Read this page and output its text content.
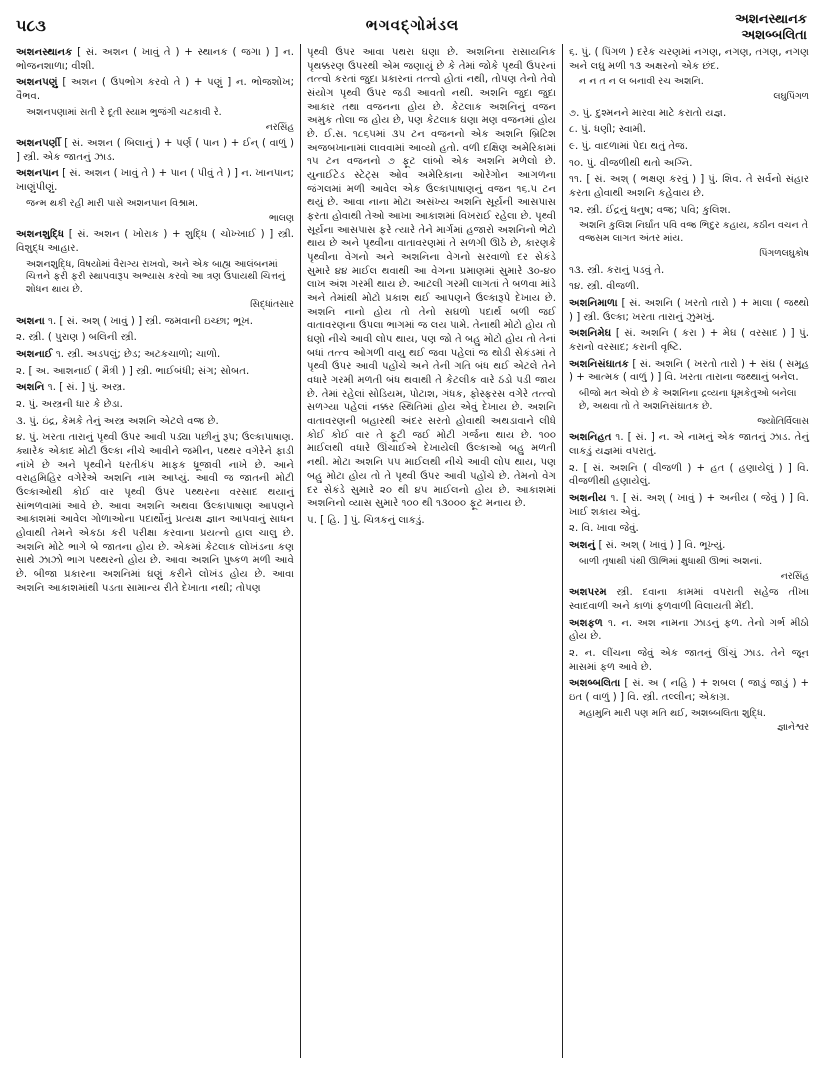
૫૮૩	ભગવદ્ગોમંડલ	અશનસ્થાનક
અશબ્બલિતા
અશનસ્થાનક [ સં. અશન ( ખાવું તે ) + સ્થાનક ( જગા ) ] ન. ભોજનશાળા; વીશી.
અશનપણું [ અશન ( ઉપભોગ કરવો તે ) + પણું ] ન. ભોજશોખ; વૈભવ.
અશનપણામાં સતી રે દૂતી સ્યામ ભુજંગી ચટકાવી રે.
નરસિંહ
અશનપર્ણી [ સં. અશન ( બિલાનું ) + પર્ણ ( પાન ) + ઈન્ ( વાળું ) ] સ્ત્રી. એક જાતનું ઝાડ.
અશનપાન [ સં. અશન ( ખાવું તે ) + પાન ( પીવું તે ) ] ન. ખાનપાન; ખાણુંપીણું.
જન્મ થકી રહી મારી પાસે અશનપાન વિશ્રામ.
ભાલણ
અશનશુદ્ધિ [ સં. અશન ( ખોરાક ) + શુદ્ધિ ( ચોખ્ખાઈ ) ] સ્ત્રી. વિશુદ્ધ આહાર.
અશનશુદ્ધિ, વિષયોમાં વૈરાગ્ય રાખવો, અને એક બાહ્ય આલંબનમાં ચિત્તને ફરી ફરી સ્થાપવારૂપ અભ્યાસ કરવો આ ત્રણ ઉપાયથી ચિત્તનું શોધન થાય છે.
સિદ્ધાંતસાર
અશના ૧. [ સં. અશ્ ( ખાવું ) ] સ્ત્રી. જમવાની ઇચ્છા; ભૂખ.
૨. સ્ત્રી. ( પુરાણ ) બલિની સ્ત્રી.
અશનાઈ ૧. સ્ત્રી. અડપલું; છેડ; અટકચાળો; ચાળો.
૨. [ અ. આશનાઈ ( મૈત્રી ) ] સ્ત્રી. ભાઈબંધી; સંગ; સોબત.
અશનિ ૧. [ સં. ] પું. અસ્ત્ર.
૨. પું. અસ્ત્રની ધાર કે છેડા.
૩. પું. ઇંદ્ર, કેમકે તેનું અસ્ત્ર અશનિ એટલે વજ્ર છે.
૪. પું. ખરતા તારાનું પૃથ્વી ઉપર આવી પડ્યા પછીનું રૂપ; ઉલ્કાપાષાણ. ક્યારેક એકાદ મોટી ઉલ્કા નીચે આવીને જમીન, પથ્થર વગેરેને ફાડી નાંખે છે અને પૃથ્વીને ધરતીકંપ માફક ધ્રૂજાવી નાખે છે. આને વરાહમિહિર વગેરેએ અશનિ નામ આપ્યું. આવી જ જાતની મોટી ઉલ્કાઓથી કોઈ વાર પૃથ્વી ઉપર પથ્થરના વરસાદ થયાનું સાંભળવામાં આવે છે. આવા અશનિ અથવા ઉલ્કાપાષાણ આપણને આકાશમાં આવેલ ગોળાઓના પદાર્થોનું પ્રત્યક્ષ જ્ઞાન આપવાનું સાધન હોવાથી તેમને એકઠા કરી પરીક્ષા કરવાના પ્રયત્નો હાલ ચાલુ છે. અશનિ મોટે ભાગે બે જાતના હોય છે. એકમાં કેટલાક લોખંડના કણ સાથે ઝાઝો ભાગ પથ્થરનો હોય છે. આવા અશનિ પુષ્કળ મળી આવે છે. બીજા પ્રકારના અશનિમાં ઘણું કરીને લોખંડ હોય છે. આવા અશનિ આકાશમાંથી પડતા સામાન્ય રીતે દેખાતા નથી; તોપણ
પૃથ્વી ઉપર આવા પથરા ઘણા છે. અશનિના રાસાયનિક પૃથક્કરણ ઉપરથી એમ જણાયું છે કે તેમાં જોકે પૃથ્વી ઉપરનાં તત્ત્વો કરતાં જુદા પ્રકારનાં તત્ત્વો હોતાં નથી, તોપણ તેનો તેવો સંયોગ પૃથ્વી ઉપર જડી આવતો નથી. અશનિ જુદા જુદા આકાર તથા વજનના હોય છે. કેટલાક અશનિનું વજન અમુક તોલા જ હોય છે, પણ કેટલાક ઘણા મણ વજનમાં હોય છે. ઈ.સ. ૧૮૬૫માં ૩૫ ટન વજનનો એક અશનિ બ્રિટિશ અજબખાનામાં લાવવામાં આવ્યો હતો. વળી દક્ષિણ અમેરિકામાં ૧૫ ટન વજનનો ૭ ફૂટ લાંબો એક અશનિ મળેલો છે. યુનાઈટેડ સ્ટેટ્સ ઓવ અમેરિકાના ઓરેગોન આગળના જંગલમાં મળી આવેલ એક ઉલ્કાપાષાણનું વજન ૧૬.૫ ટન થયું છે. આવા નાના મોટા અસંખ્ય અશનિ સૂર્યની આસપાસ ફરતા હોવાથી તેઓ આખા આકાશમાં વિખરાઈ રહેલા છે. પૃથ્વી સૂર્યના આસપાસ ફરે ત્યારે તેને માર્ગમાં હજારો અશનિનો ભેટો થાય છે અને પૃથ્વીના વાતાવરણમાં તે સળગી ઊઠે છે, કારણકે પૃથ્વીના વેગનો અને અશનિના વેગનો સરવાળો દર સેકંડે સુમારે ૪૪ માઈલ થવાથી આ વેગના પ્રમાણમાં સુમારે ૩૦-૪૦ લાખ અંશ ગરમી થાય છે. આટલી ગરમી લાગતાં તે બળવા માંડે અને તેમાંથી મોટો પ્રકાશ થઈ આપણને ઉલ્કારૂપે દેખાય છે. અશનિ નાનો હોય તો તેનો સઘળો પદાર્થ બળી જઈ વાતાવરણના ઉપલા ભાગમાં જ લય પામે. તેનાથી મોટો હોય તો ઘણો નીચે આવી લોપ થાય, પણ જો તે બહુ મોટો હોય તો તેનાં બધાં તત્ત્વ ઓગળી વાયુ થઈ જવા પહેલાં જ થોડી સેકંડમાં તે પૃથ્વી ઉપર આવી પહોંચે અને તેની ગતિ બંધ થઈ એટલે તેને વધારે ગરમી મળતી બંધ થવાથી તે કેટલીક વારે ઠંડો પડી જાય છે. તેમાં રહેલાં સોડિયમ, પોટાશ, ગંધક, ફોસ્ફરસ વગેરે તત્ત્વો સળગ્યા પહેલાં નક્કર સ્થિતિમાં હોય એવું દેખાય છે. અશનિ વાતાવરણની બહારથી અંદર સરતો હોવાથી અથડાવાને લીધે કોઈ કોઈ વાર તે ફૂટી જઈ મોટી ગર્જના થાય છે. ૧૦૦ માઈલથી વધારે ઊંચાઈએ દેખાયેલી ઉલ્કાઓ બહુ મળતી નથી. મોટા અશનિ ૫૫ માઈલથી નીચે આવી લોપ થાય, પણ બહુ મોટા હોય તો તે પૃથ્વી ઉપર આવી પહોંચે છે. તેમનો વેગ દર સેકંડે સુમારે ૨૦ થી ૪૫ માઈલનો હોય છે. આકાશમાં અશનિનો વ્યાસ સુમારે ૧૦૦ થી ૧૩૦૦૦ ફૂટ મનાય છે.
૫. [ હિ. ] પું. ચિત્રકનું લાકડું.
૬. પું. ( પિંગળ ) દરેક ચરણમાં નગણ, નગણ, તગણ, નગણ અને લઘુ મળી ૧૩ અક્ષરનો એક છંદ.
ન ન ત ન લ બનાવી રચ અશનિ.
લઘુપિંગળ
૭. પું. દુશ્મનને મારવા માટે કરાતો યજ્ઞ.
૮. પું. ધણી; સ્વામી.
૯. પું. વાદળામાં પેદા થતું તેજ.
૧૦. પું. વીજળીથી થતો અગ્નિ.
૧૧. [ સં. અશ્ ( ભક્ષણ કરવું ) ] પું. શિવ. તે સર્વનો સંહાર કરતા હોવાથી અશનિ કહેવાય છે.
૧૨. સ્ત્રી. ઈંદ્રનું ધનુષ; વજ્ર; પવિ; કુલિશ.
અશનિ કુલિશ નિર્ઘાત પવિ વજ્ર ભિદુર કહાય, કઠીન વચન તે વજ્રસમ લાગત અંતર માંય.
પિંગળલઘુકોષ
૧૩. સ્ત્રી. કરાનું પડવું તે.
૧૪. સ્ત્રી. વીજળી.
અશનિમાળા [ સં. અશનિ ( ખરતો તારો ) + માલા ( જથ્થો ) ] સ્ત્રી. ઉલ્કા; ખરતા તારાનું ઝુમખું.
અશનિમેઘ [ સં. અશનિ ( કરા ) + મેઘ ( વરસાદ ) ] પું. કરાનો વરસાદ; કરાની વૃષ્ટિ.
અશનિસંઘાતક [ સં. અશનિ ( ખરતો તારો ) + સંઘ ( સમૂહ ) + આત્મક ( વાળું ) ] વિ. ખરતા તારાના જથ્થાનું બનેલ.
બીજો મત એવો છે કે અશનિના દ્રવ્યના ધૂમકેતુઓ બનેલા છે, અથવા તો તે અશનિસંઘાતક છે.
જ્યોતિર્વિલાસ
અશનિહત ૧. [ સં. ] ન. એ નામનું એક જાતનું ઝાડ. તેનું લાકડું યજ્ઞમાં વપરાતું.
૨. [ સં. અશનિ ( વીજળી ) + હત ( હણાયેલું ) ] વિ. વીજળીથી હણાયેલું.
અશનીય ૧. [ સં. અશ્ ( ખાવું ) + અનીય ( જેવું ) ] વિ. ખાઈ શકાય એવું.
૨. વિ. ખાવા જેવું.
અશનું [ સં. અશ્ ( ખાવું ) ] વિ. ભૂખ્યું.
બાળી તૃષાથી પંથી ઊભિમાં ક્ષુધાથી ઊભાં અશનાં.
નરસિંહ
અશપરમ સ્ત્રી. દવાના કામમાં વપરાતી સહેજ તીખા સ્વાદવાળી અને કાળાં ફળવાળી વિલાયતી મેંદી.
અશફળ ૧. ન. અશ નામના ઝાડનું ફળ. તેનો ગર્ભ મીઠો હોય છે.
૨. ન. લીંચના જેવું એક જાતનું ઊંચું ઝાડ. તેને જૂન માસમાં ફળ આવે છે.
અશબ્બલિતા [ સં. અ ( નહિ ) + શબલ ( જાડું જાડું ) + ઇત ( વાળું ) ] વિ. સ્ત્રી. તલ્લીન; એકાગ્ર.
મહામુનિ મારી પણ મતિ થઈ, અશબ્બલિતા શુદ્ધિ.
જ્ઞાનેશ્વર
